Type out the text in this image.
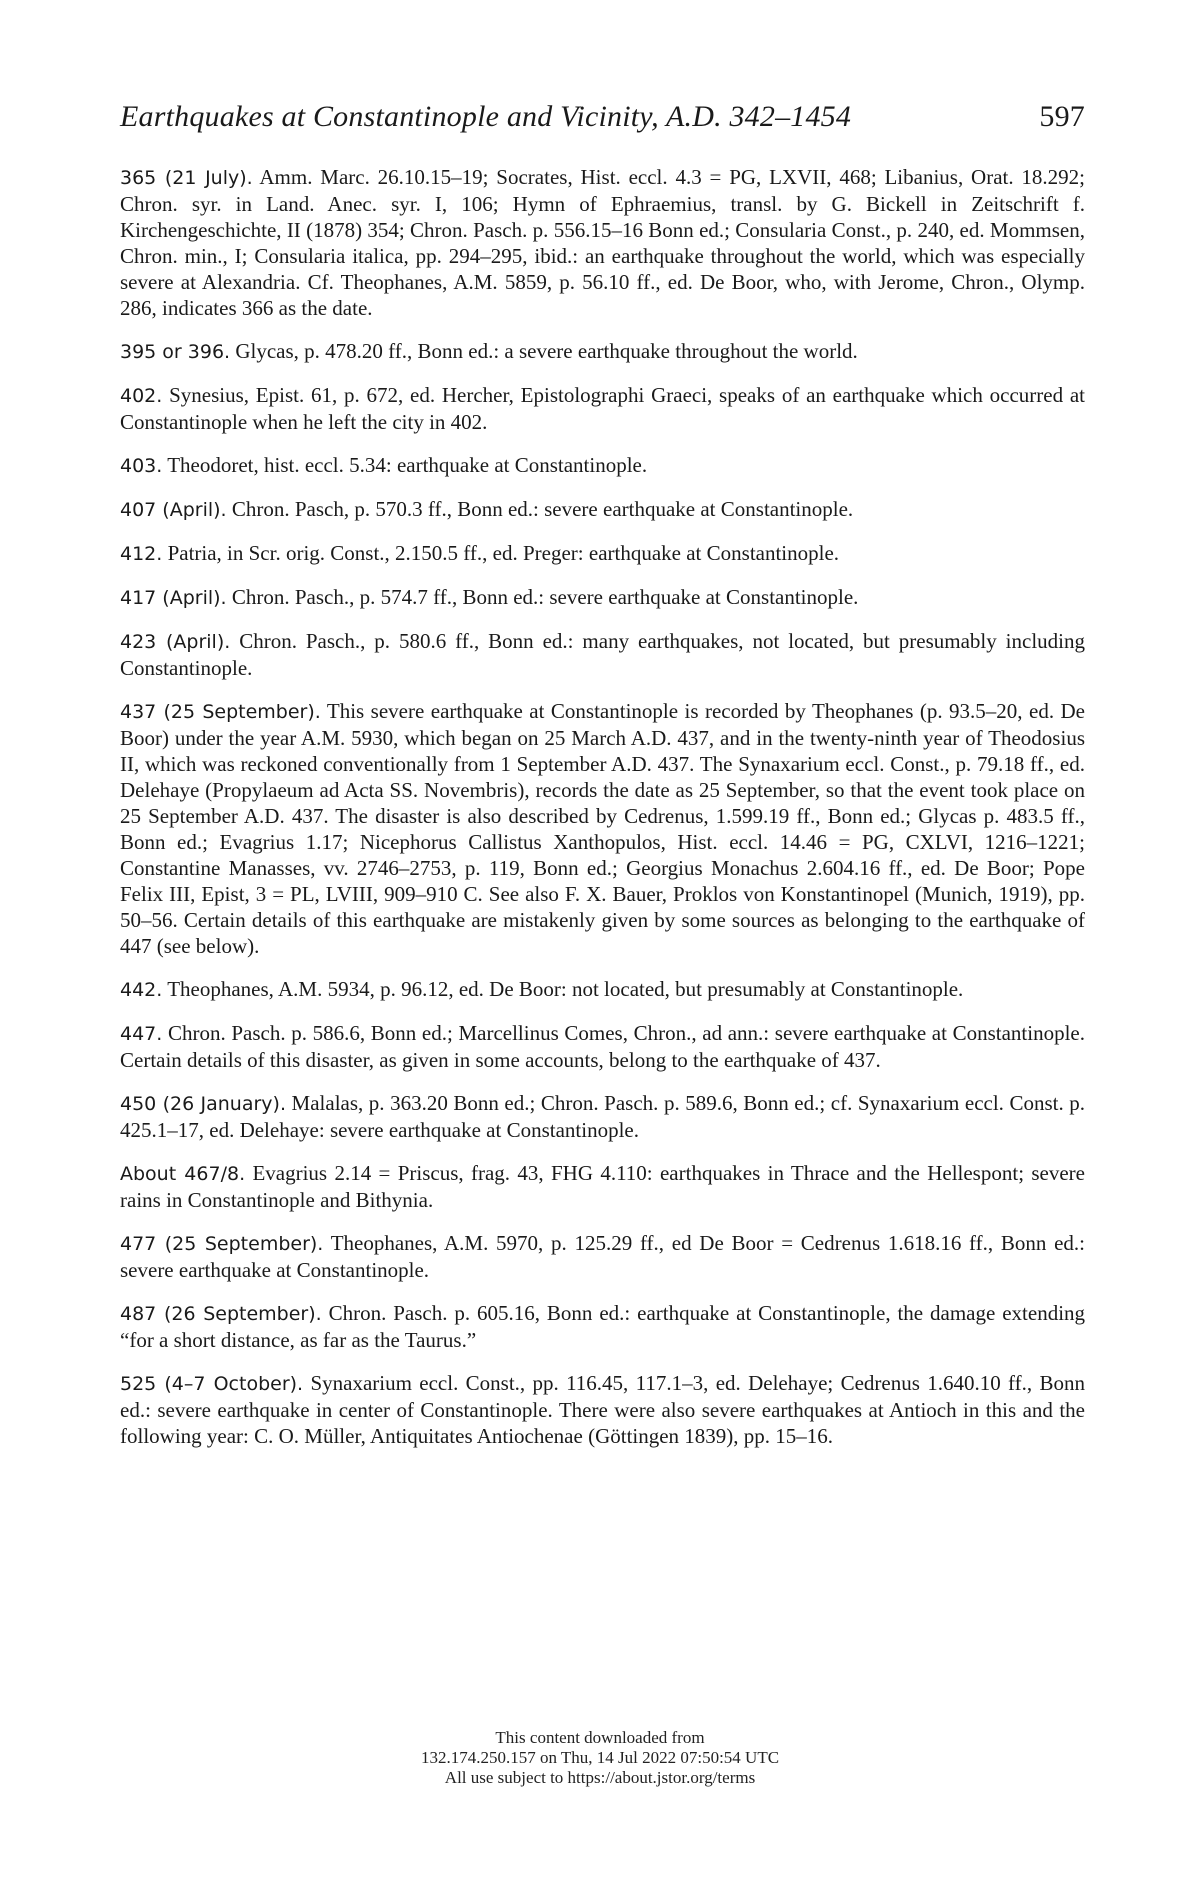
Earthquakes at Constantinople and Vicinity, A.D. 342–1454	597

365 (21 July). Amm. Marc. 26.10.15–19; Socrates, Hist. eccl. 4.3 = PG, LXVII, 468; Libanius, Orat. 18.292; Chron. syr. in Land. Anec. syr. I, 106; Hymn of Ephraemius, transl. by G. Bickell in Zeitschrift f. Kirchengeschichte, II (1878) 354; Chron. Pasch. p. 556.15–16 Bonn ed.; Consularia Const., p. 240, ed. Mommsen, Chron. min., I; Consularia italica, pp. 294–295, ibid.: an earthquake throughout the world, which was especially severe at Alexandria. Cf. Theophanes, A.M. 5859, p. 56.10 ff., ed. De Boor, who, with Jerome, Chron., Olymp. 286, indicates 366 as the date.

395 or 396. Glycas, p. 478.20 ff., Bonn ed.: a severe earthquake throughout the world.

402. Synesius, Epist. 61, p. 672, ed. Hercher, Epistolographi Graeci, speaks of an earthquake which occurred at Constantinople when he left the city in 402.

403. Theodoret, hist. eccl. 5.34: earthquake at Constantinople.

407 (April). Chron. Pasch, p. 570.3 ff., Bonn ed.: severe earthquake at Constantinople.

412. Patria, in Scr. orig. Const., 2.150.5 ff., ed. Preger: earthquake at Constantinople.

417 (April). Chron. Pasch., p. 574.7 ff., Bonn ed.: severe earthquake at Constantinople.

423 (April). Chron. Pasch., p. 580.6 ff., Bonn ed.: many earthquakes, not located, but presumably including Constantinople.

437 (25 September). This severe earthquake at Constantinople is recorded by Theophanes (p. 93.5–20, ed. De Boor) under the year A.M. 5930, which began on 25 March A.D. 437, and in the twenty-ninth year of Theodosius II, which was reckoned conventionally from 1 September A.D. 437. The Synaxarium eccl. Const., p. 79.18 ff., ed. Delehaye (Propylaeum ad Acta SS. Novembris), records the date as 25 September, so that the event took place on 25 September A.D. 437. The disaster is also described by Cedrenus, 1.599.19 ff., Bonn ed.; Glycas p. 483.5 ff., Bonn ed.; Evagrius 1.17; Nicephorus Callistus Xanthopulos, Hist. eccl. 14.46 = PG, CXLVI, 1216–1221; Constantine Manasses, vv. 2746–2753, p. 119, Bonn ed.; Georgius Monachus 2.604.16 ff., ed. De Boor; Pope Felix III, Epist, 3 = PL, LVIII, 909–910 C. See also F. X. Bauer, Proklos von Konstantinopel (Munich, 1919), pp. 50–56. Certain details of this earthquake are mistakenly given by some sources as belonging to the earthquake of 447 (see below).

442. Theophanes, A.M. 5934, p. 96.12, ed. De Boor: not located, but presumably at Constantinople.

447. Chron. Pasch. p. 586.6, Bonn ed.; Marcellinus Comes, Chron., ad ann.: severe earthquake at Constantinople. Certain details of this disaster, as given in some accounts, belong to the earthquake of 437.

450 (26 January). Malalas, p. 363.20 Bonn ed.; Chron. Pasch. p. 589.6, Bonn ed.; cf. Synaxarium eccl. Const. p. 425.1–17, ed. Delehaye: severe earthquake at Constantinople.

About 467/8. Evagrius 2.14 = Priscus, frag. 43, FHG 4.110: earthquakes in Thrace and the Hellespont; severe rains in Constantinople and Bithynia.

477 (25 September). Theophanes, A.M. 5970, p. 125.29 ff., ed De Boor = Cedrenus 1.618.16 ff., Bonn ed.: severe earthquake at Constantinople.

487 (26 September). Chron. Pasch. p. 605.16, Bonn ed.: earthquake at Constantinople, the damage extending “for a short distance, as far as the Taurus.”

525 (4–7 October). Synaxarium eccl. Const., pp. 116.45, 117.1–3, ed. Delehaye; Cedrenus 1.640.10 ff., Bonn ed.: severe earthquake in center of Constantinople. There were also severe earthquakes at Antioch in this and the following year: C. O. Müller, Antiquitates Antiochenae (Göttingen 1839), pp. 15–16.

This content downloaded from
132.174.250.157 on Thu, 14 Jul 2022 07:50:54 UTC
All use subject to https://about.jstor.org/terms
